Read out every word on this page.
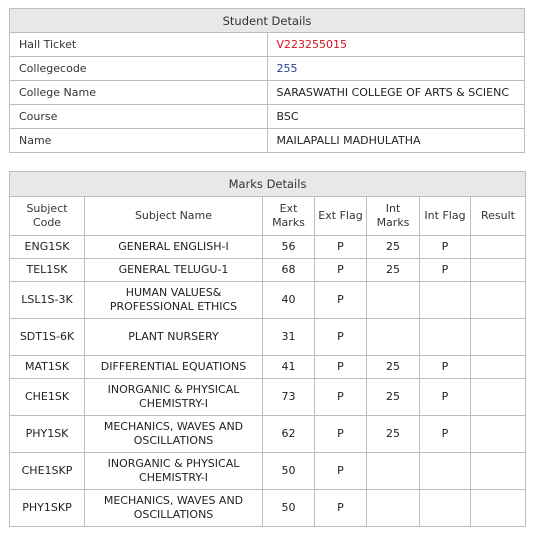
Student Details	
Hall Ticket	V223255015
Collegecode	255
College Name	SARASWATHI COLLEGE OF ARTS & SCIENC
Course	BSC
Name	MAILAPALLI MADHULATHA
Marks Details						
Subject Code	Subject Name	Ext Marks	Ext Flag	Int Marks	Int Flag	Result
ENG1SK	GENERAL ENGLISH-I	56	P	25	P	
TEL1SK	GENERAL TELUGU-1	68	P	25	P	
LSL1S-3K	HUMAN VALUES& PROFESSIONAL ETHICS	40	P			
SDT1S-6K	PLANT NURSERY	31	P			
MAT1SK	DIFFERENTIAL EQUATIONS	41	P	25	P	
CHE1SK	INORGANIC & PHYSICAL CHEMISTRY-I	73	P	25	P	
PHY1SK	MECHANICS, WAVES AND OSCILLATIONS	62	P	25	P	
CHE1SKP	INORGANIC & PHYSICAL CHEMISTRY-I	50	P			
PHY1SKP	MECHANICS, WAVES AND OSCILLATIONS	50	P			
